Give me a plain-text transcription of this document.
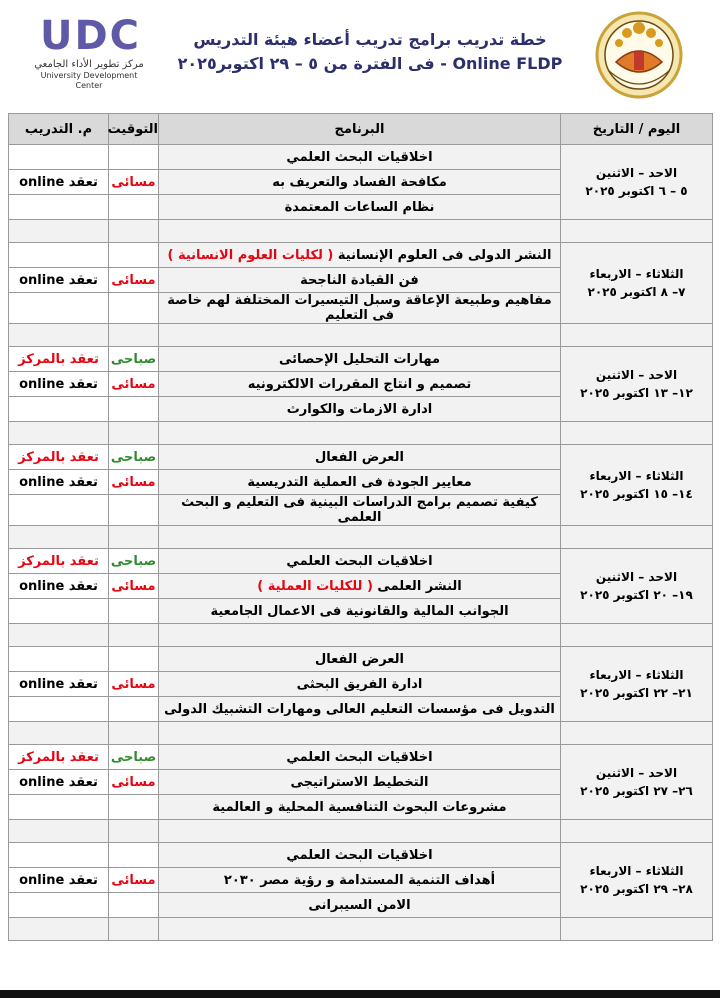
UDC
مركز تطوير الأداء الجامعي
University Development Center
خطة تدريب برامج تدريب أعضاء هيئة التدريس
Online FLDP - فى الفترة من ٥ – ٢٩ اكتوبر٢٠٢٥
اليوم / التاريخ	البرنامج	التوقيت	م. التدريب

الاحد – الاثنين
٥ – ٦ اكتوبر ٢٠٢٥	اخلاقيات البحث العلمي		
	مكافحة الفساد والتعريف به	مسائى	تعقد online
	نظام الساعات المعتمدة		

الثلاثاء – الاربعاء
٧– ٨ اكتوبر ٢٠٢٥	النشر الدولى فى العلوم الإنسانية ( لكليات العلوم الانسانية )		
	فن القيادة الناجحة	مسائى	تعقد online
	مفاهيم وطبيعة الإعاقة وسبل التيسيرات المختلفة لهم خاصة فى التعليم		

الاحد – الاثنين
١٢– ١٣ اكتوبر ٢٠٢٥	مهارات التحليل الإحصائى	صباحى	تعقد بالمركز
	تصميم و انتاج المقررات الالكترونيه	مسائى	تعقد online
	ادارة الازمات والكوارث		

الثلاثاء – الاربعاء
١٤– ١٥ اكتوبر ٢٠٢٥	العرض الفعال	صباحى	تعقد بالمركز
	معايير الجودة فى العملية التدريسية	مسائى	تعقد online
	كيفية تصميم برامج الدراسات البينية فى التعليم و البحث العلمى		

الاحد – الاثنين
١٩– ٢٠ اكتوبر ٢٠٢٥	اخلاقيات البحث العلمي	صباحى	تعقد بالمركز
	النشر العلمى ( للكليات العملية )	مسائى	تعقد online
	الجوانب المالية والقانونية فى الاعمال الجامعية		

الثلاثاء – الاربعاء
٢١– ٢٢ اكتوبر ٢٠٢٥	العرض الفعال		
	ادارة الفريق البحثى	مسائى	تعقد online
	التدويل فى مؤسسات التعليم العالى ومهارات التشبيك الدولى		

الاحد – الاثنين
٢٦– ٢٧ اكتوبر ٢٠٢٥	اخلاقيات البحث العلمي	صباحى	تعقد بالمركز
	التخطيط الاستراتيجى	مسائى	تعقد online
	مشروعات البحوث التنافسية المحلية و العالمية		

الثلاثاء – الاربعاء
٢٨– ٢٩ اكتوبر ٢٠٢٥	اخلاقيات البحث العلمي		
	أهداف التنمية المستدامة و رؤية مصر ٢٠٣٠	مسائى	تعقد online
	الامن السيبرانى		
